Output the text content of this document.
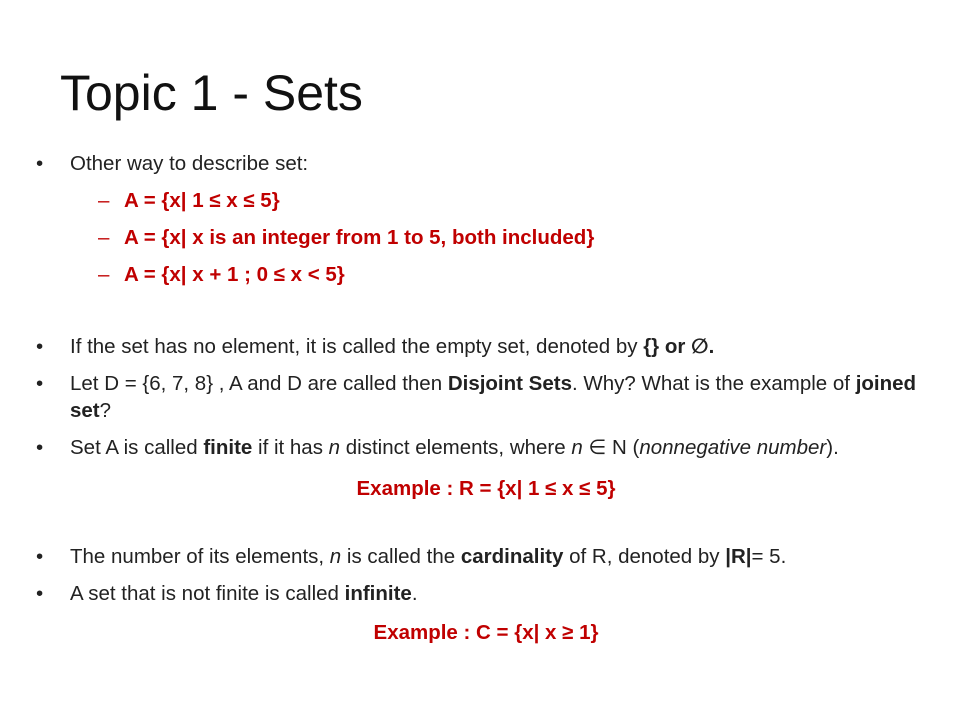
Topic 1 - Sets
•	Other way to describe set:
– A = {x| 1 ≤ x ≤ 5}
– A = {x| x is an integer from 1 to 5, both included}
– A = {x| x + 1 ; 0 ≤ x < 5}
•	If the set has no element, it is called the empty set, denoted by {} or ∅.
•	Let D = {6, 7, 8} , A and D are called then Disjoint Sets. Why? What is the example of joined set?
•	Set A is called finite if it has n distinct elements, where n ∈ N (nonnegative number).
Example : R = {x| 1 ≤ x ≤ 5}
•	The number of its elements, n is called the cardinality of R, denoted by |R|= 5.
•	A set that is not finite is called infinite.
Example : C = {x| x ≥ 1}
